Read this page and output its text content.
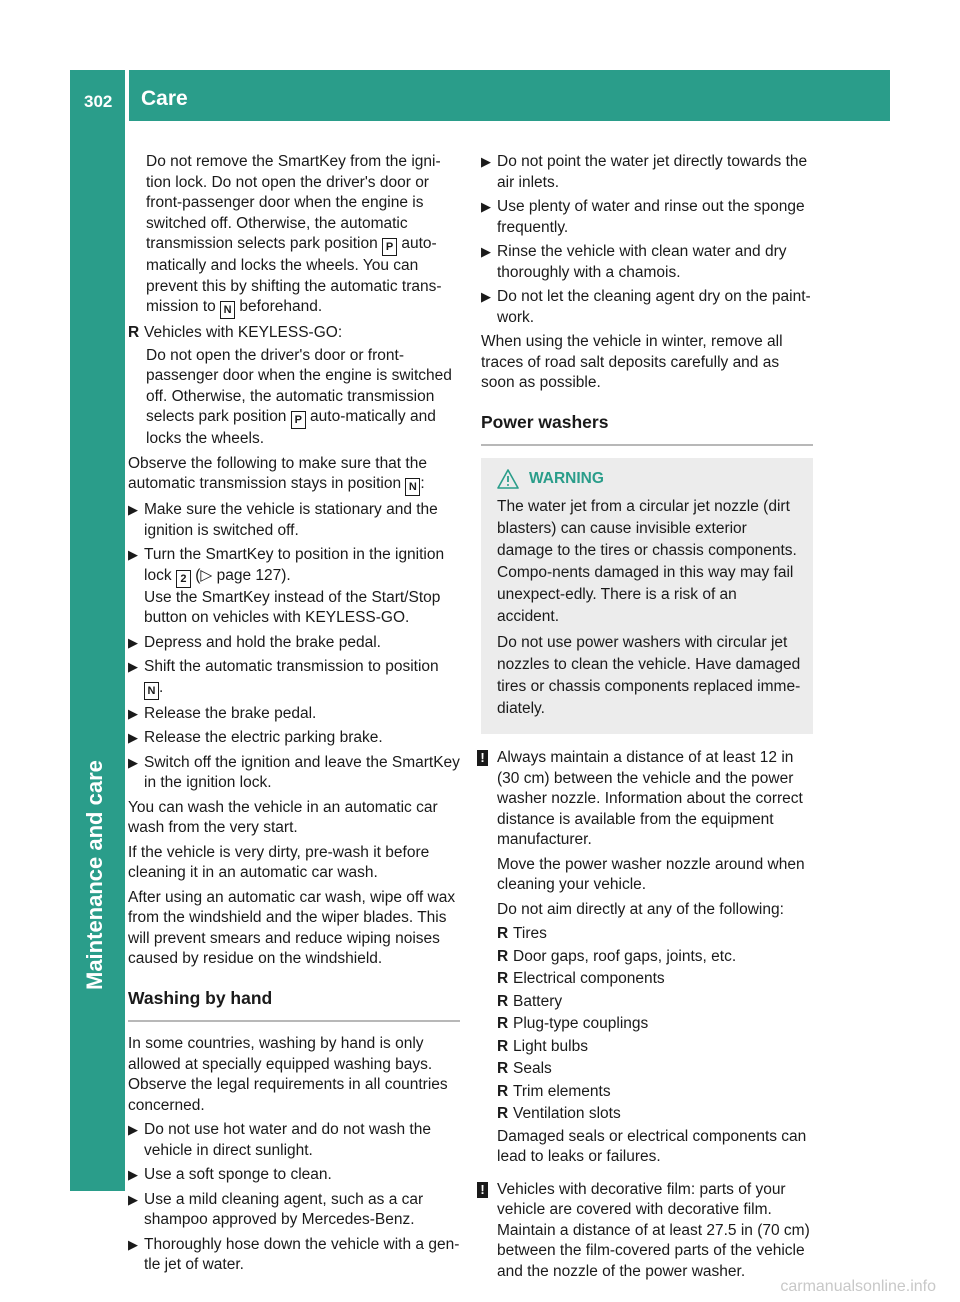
302 Care
Maintenance and care

Do not remove the SmartKey from the igni-tion lock. Do not open the driver's door or front-passenger door when the engine is switched off. Otherwise, the automatic transmission selects park position P auto-matically and locks the wheels. You can prevent this by shifting the automatic trans-mission to N beforehand.

R Vehicles with KEYLESS-GO:

Do not open the driver's door or front-passenger door when the engine is switched off. Otherwise, the automatic transmission selects park position P auto-matically and locks the wheels.

Observe the following to make sure that the automatic transmission stays in position N :

▶ Make sure the vehicle is stationary and the ignition is switched off.
▶ Turn the SmartKey to position in the ignition lock 2 (▷ page 127).
Use the SmartKey instead of the Start/Stop button on vehicles with KEYLESS-GO.
▶ Depress and hold the brake pedal.
▶ Shift the automatic transmission to position
N .
▶ Release the brake pedal.
▶ Release the electric parking brake.
▶ Switch off the ignition and leave the SmartKey in the ignition lock.

You can wash the vehicle in an automatic car wash from the very start.

If the vehicle is very dirty, pre-wash it before cleaning it in an automatic car wash.

After using an automatic car wash, wipe off wax from the windshield and the wiper blades. This will prevent smears and reduce wiping noises caused by residue on the windshield.

Washing by hand

In some countries, washing by hand is only allowed at specially equipped washing bays. Observe the legal requirements in all countries concerned.

▶ Do not use hot water and do not wash the vehicle in direct sunlight.
▶ Use a soft sponge to clean.
▶ Use a mild cleaning agent, such as a car shampoo approved by Mercedes-Benz.
▶ Thoroughly hose down the vehicle with a gen-tle jet of water.
▶ Do not point the water jet directly towards the air inlets.
▶ Use plenty of water and rinse out the sponge frequently.
▶ Rinse the vehicle with clean water and dry thoroughly with a chamois.
▶ Do not let the cleaning agent dry on the paint-work.

When using the vehicle in winter, remove all traces of road salt deposits carefully and as soon as possible.

Power washers
WARNING

The water jet from a circular jet nozzle (dirt blasters) can cause invisible exterior damage to the tires or chassis components. Compo-nents damaged in this way may fail unexpect-edly. There is a risk of an accident.

Do not use power washers with circular jet nozzles to clean the vehicle. Have damaged tires or chassis components replaced imme-diately.

! Always maintain a distance of at least 12 in (30 cm) between the vehicle and the power washer nozzle. Information about the correct distance is available from the equipment manufacturer.

Move the power washer nozzle around when cleaning your vehicle.

Do not aim directly at any of the following:

R Tires
R Door gaps, roof gaps, joints, etc.
R Electrical components
R Battery
R Plug-type couplings
R Light bulbs
R Seals
R Trim elements
R Ventilation slots

Damaged seals or electrical components can lead to leaks or failures.

! Vehicles with decorative film: parts of your vehicle are covered with decorative film. Maintain a distance of at least 27.5 in (70 cm) between the film-covered parts of the vehicle and the nozzle of the power washer.

carmanualsonline.info
